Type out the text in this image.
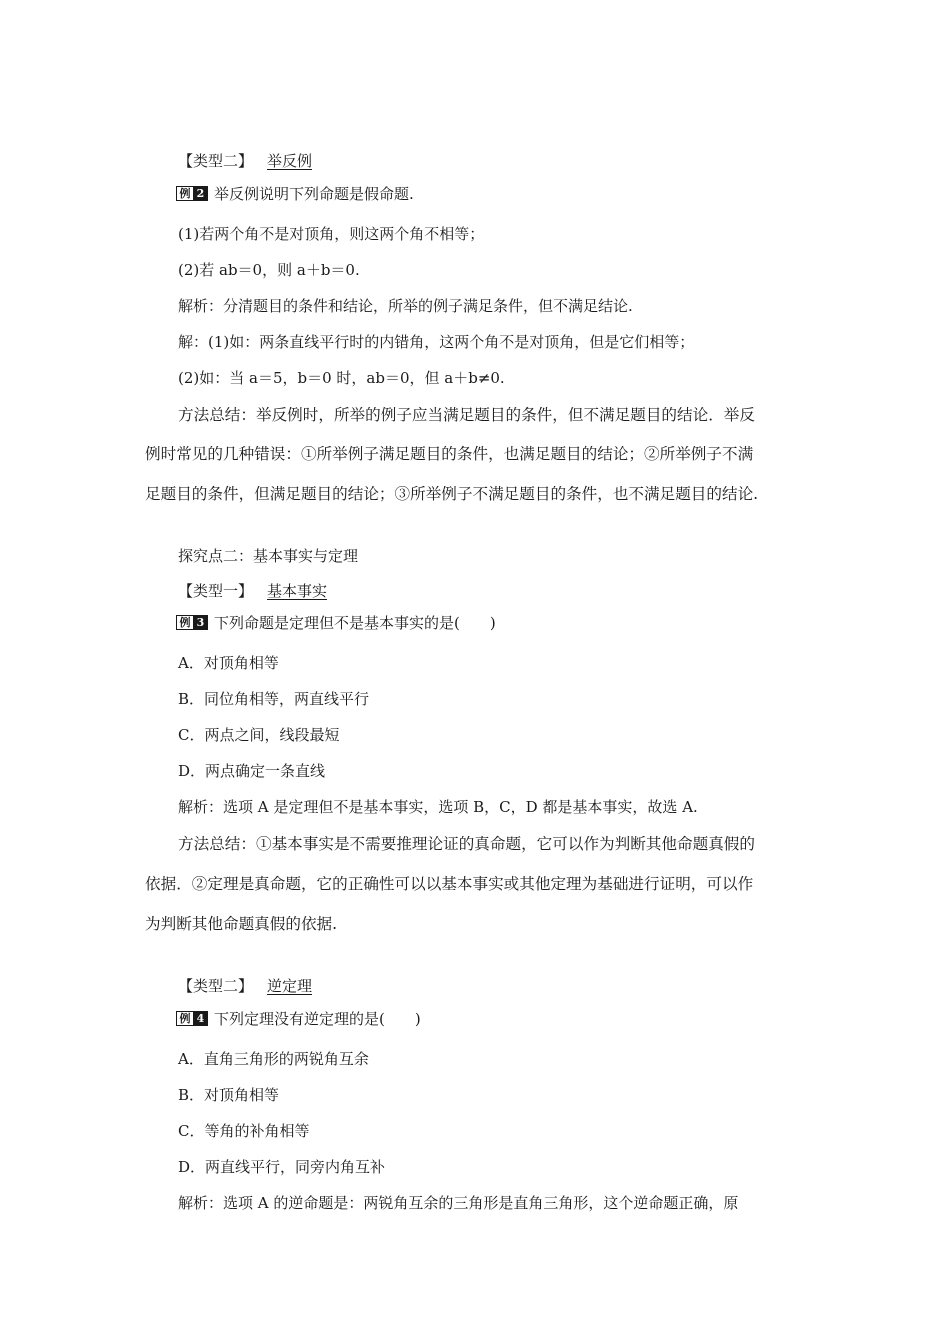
【类型二】 举反例
例 2 举反例说明下列命题是假命题.
(1)若两个角不是对顶角，则这两个角不相等；
(2)若 ab＝0，则 a＋b＝0.
解析：分清题目的条件和结论，所举的例子满足条件，但不满足结论.
解：(1)如：两条直线平行时的内错角，这两个角不是对顶角，但是它们相等；
(2)如：当 a＝5，b＝0 时，ab＝0，但 a＋b≠0.
方法总结：举反例时，所举的例子应当满足题目的条件，但不满足题目的结论．举反
例时常见的几种错误：①所举例子满足题目的条件，也满足题目的结论；②所举例子不满
足题目的条件，但满足题目的结论；③所举例子不满足题目的条件，也不满足题目的结论.
探究点二：基本事实与定理
【类型一】 基本事实
例 3 下列命题是定理但不是基本事实的是(　　)
A．对顶角相等
B．同位角相等，两直线平行
C．两点之间，线段最短
D．两点确定一条直线
解析：选项 A 是定理但不是基本事实，选项 B，C，D 都是基本事实，故选 A.
方法总结：①基本事实是不需要推理论证的真命题，它可以作为判断其他命题真假的
依据．②定理是真命题，它的正确性可以以基本事实或其他定理为基础进行证明，可以作
为判断其他命题真假的依据.
【类型二】 逆定理
例 4 下列定理没有逆定理的是(　　)
A．直角三角形的两锐角互余
B．对顶角相等
C．等角的补角相等
D．两直线平行，同旁内角互补
解析：选项 A 的逆命题是：两锐角互余的三角形是直角三角形，这个逆命题正确，原
